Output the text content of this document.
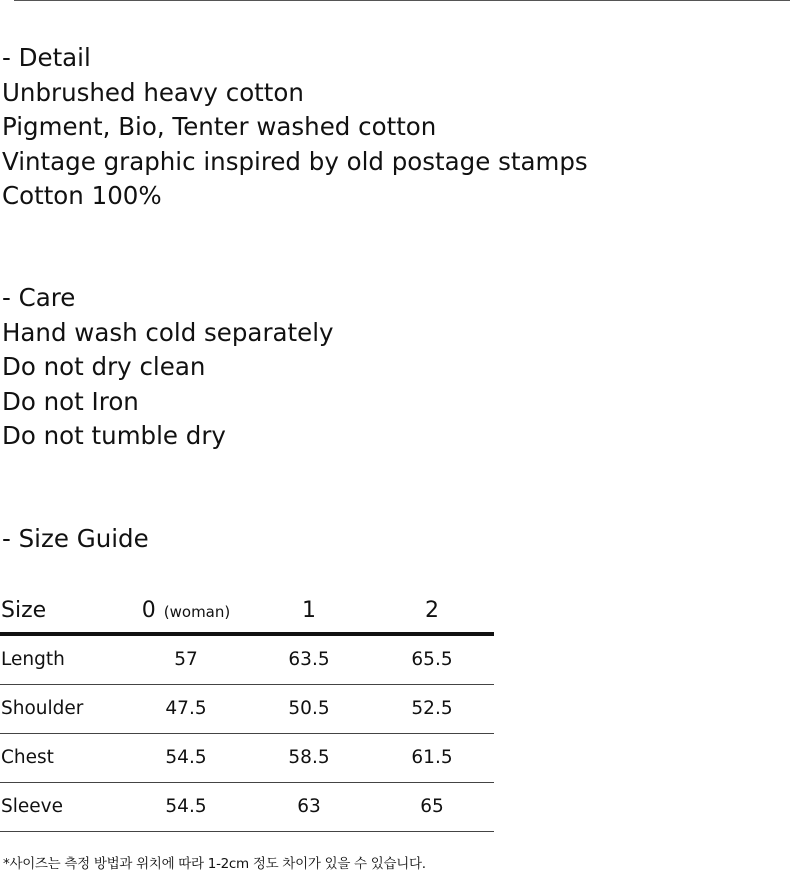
- Detail
Unbrushed heavy cotton
Pigment, Bio, Tenter washed cotton
Vintage graphic inspired by old postage stamps
Cotton 100%
- Care
Hand wash cold separately
Do not dry clean
Do not Iron
Do not tumble dry
- Size Guide
Size	0 (woman)	1	2
Length	57	63.5	65.5
Shoulder	47.5	50.5	52.5
Chest	54.5	58.5	61.5
Sleeve	54.5	63	65
*사이즈는 측정 방법과 위치에 따라 1-2cm 정도 차이가 있을 수 있습니다.
